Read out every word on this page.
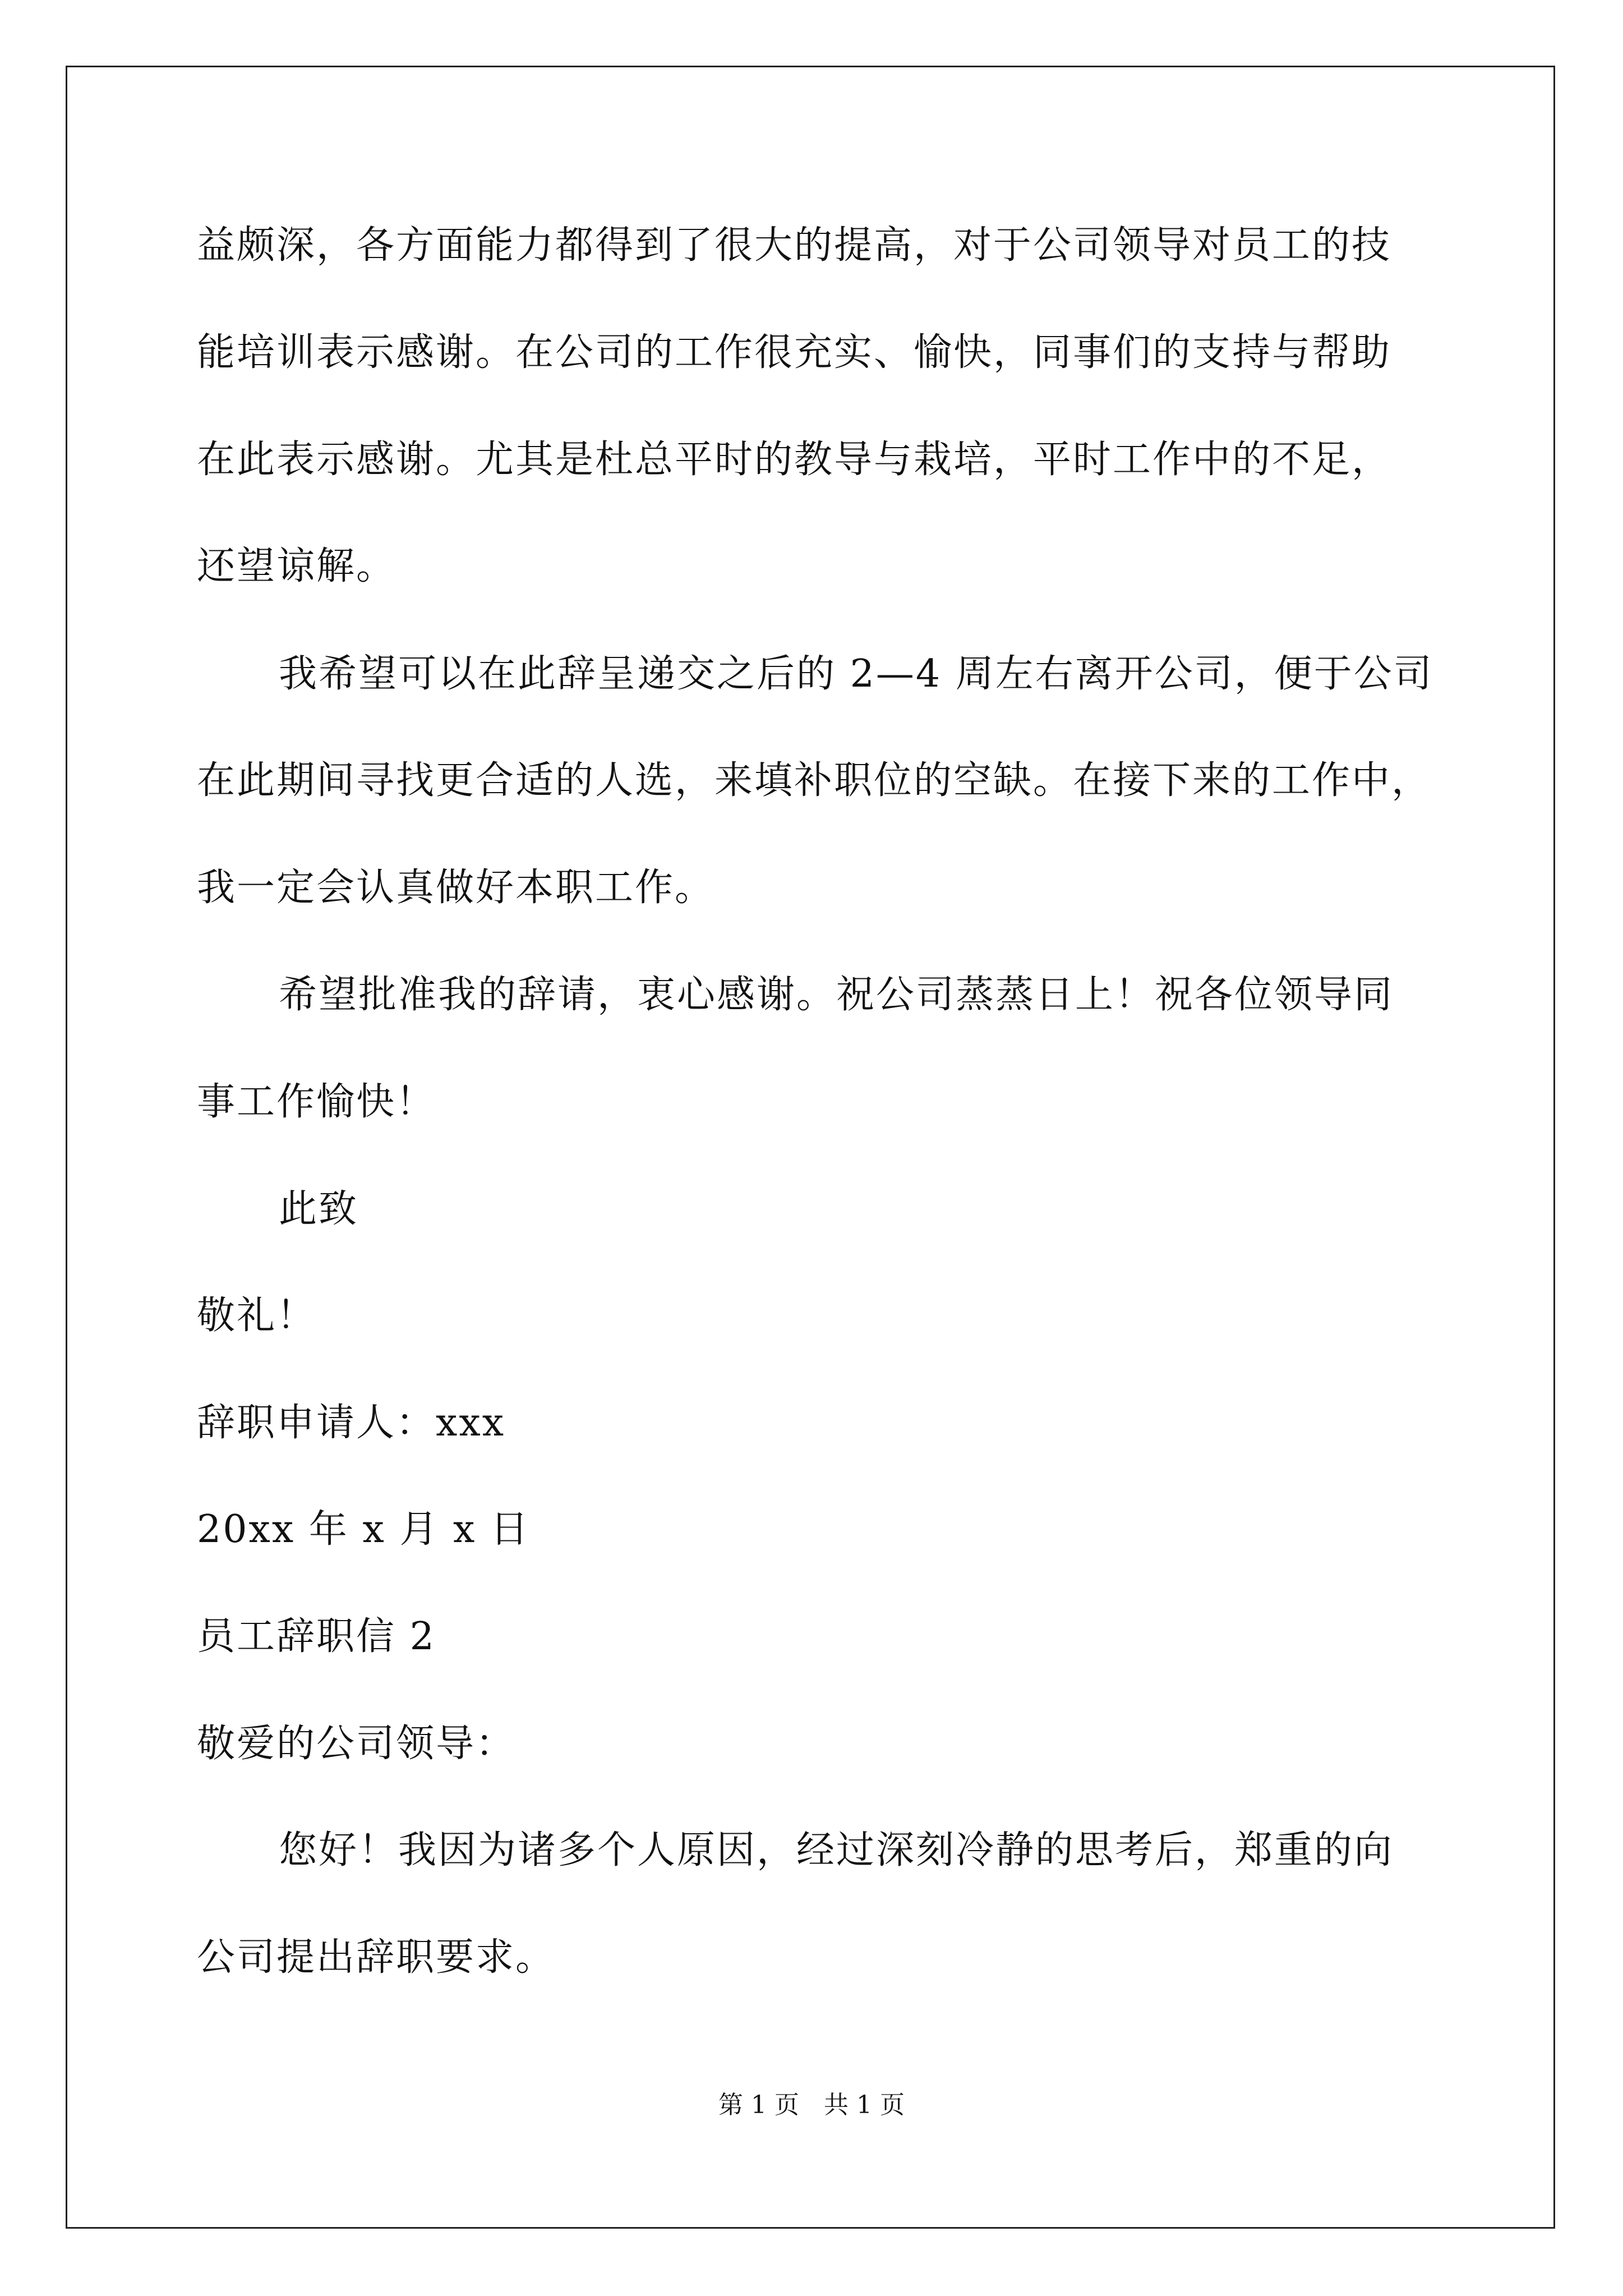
益颇深，各方面能力都得到了很大的提高，对于公司领导对员工的技
能培训表示感谢。在公司的工作很充实、愉快，同事们的支持与帮助
在此表示感谢。尤其是杜总平时的教导与栽培，平时工作中的不足，
还望谅解。
我希望可以在此辞呈递交之后的 2—4 周左右离开公司，便于公司
在此期间寻找更合适的人选，来填补职位的空缺。在接下来的工作中，
我一定会认真做好本职工作。
希望批准我的辞请，衷心感谢。祝公司蒸蒸日上！祝各位领导同
事工作愉快！
此致
敬礼！
辞职申请人：xxx
20xx 年 x 月 x 日
员工辞职信 2
敬爱的公司领导：
您好！我因为诸多个人原因，经过深刻冷静的思考后，郑重的向
公司提出辞职要求。
第 1 页　共 1 页
